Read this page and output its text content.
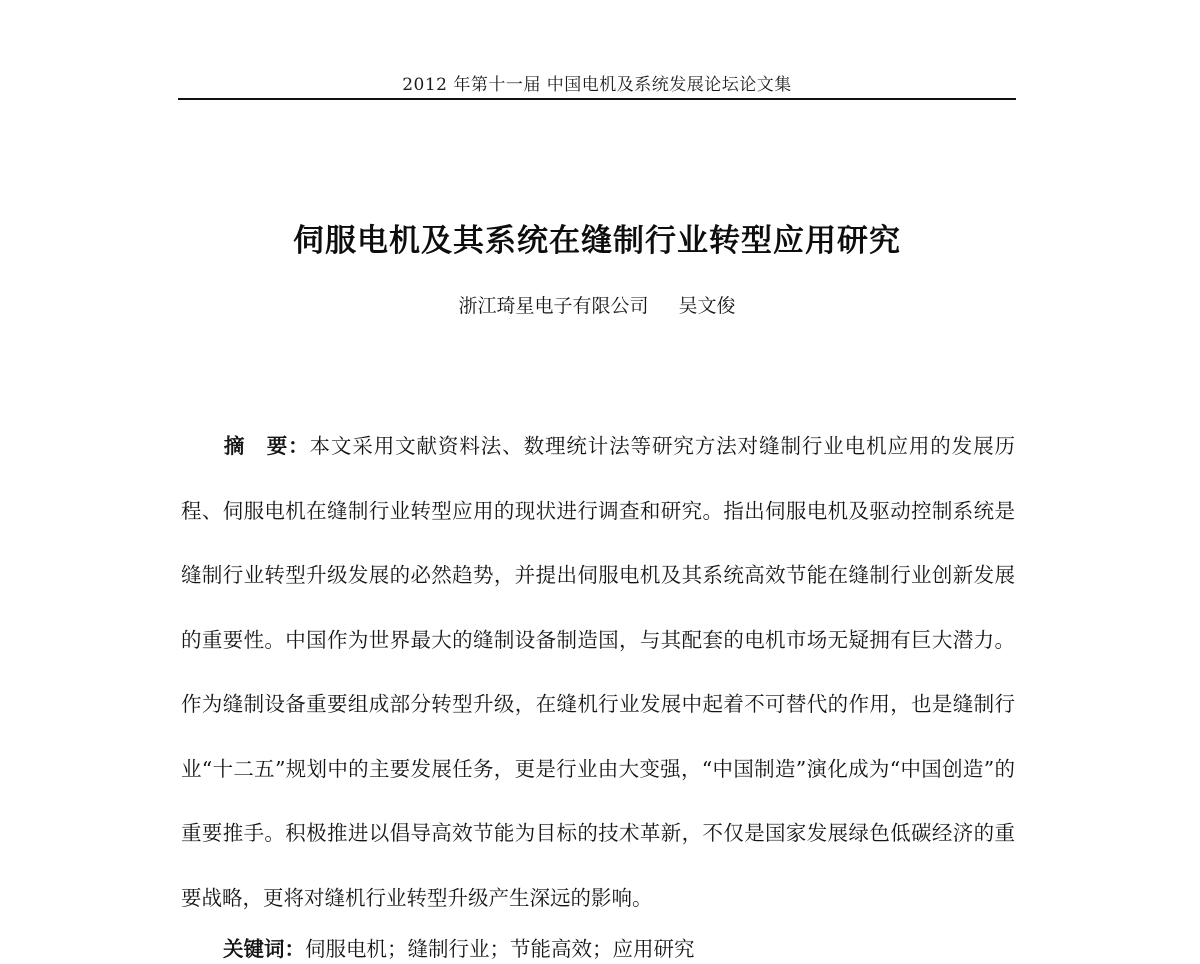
2012 年第十一届 中国电机及系统发展论坛论文集
伺服电机及其系统在缝制行业转型应用研究
浙江琦星电子有限公司 吴文俊
摘　要：本文采用文献资料法、数理统计法等研究方法对缝制行业电机应用的发展历程、伺服电机在缝制行业转型应用的现状进行调查和研究。指出伺服电机及驱动控制系统是缝制行业转型升级发展的必然趋势，并提出伺服电机及其系统高效节能在缝制行业创新发展的重要性。中国作为世界最大的缝制设备制造国，与其配套的电机市场无疑拥有巨大潜力。作为缝制设备重要组成部分转型升级，在缝机行业发展中起着不可替代的作用，也是缝制行业“十二五”规划中的主要发展任务，更是行业由大变强，“中国制造”演化成为“中国创造”的重要推手。积极推进以倡导高效节能为目标的技术革新，不仅是国家发展绿色低碳经济的重要战略，更将对缝机行业转型升级产生深远的影响。
关键词：伺服电机；缝制行业；节能高效；应用研究
